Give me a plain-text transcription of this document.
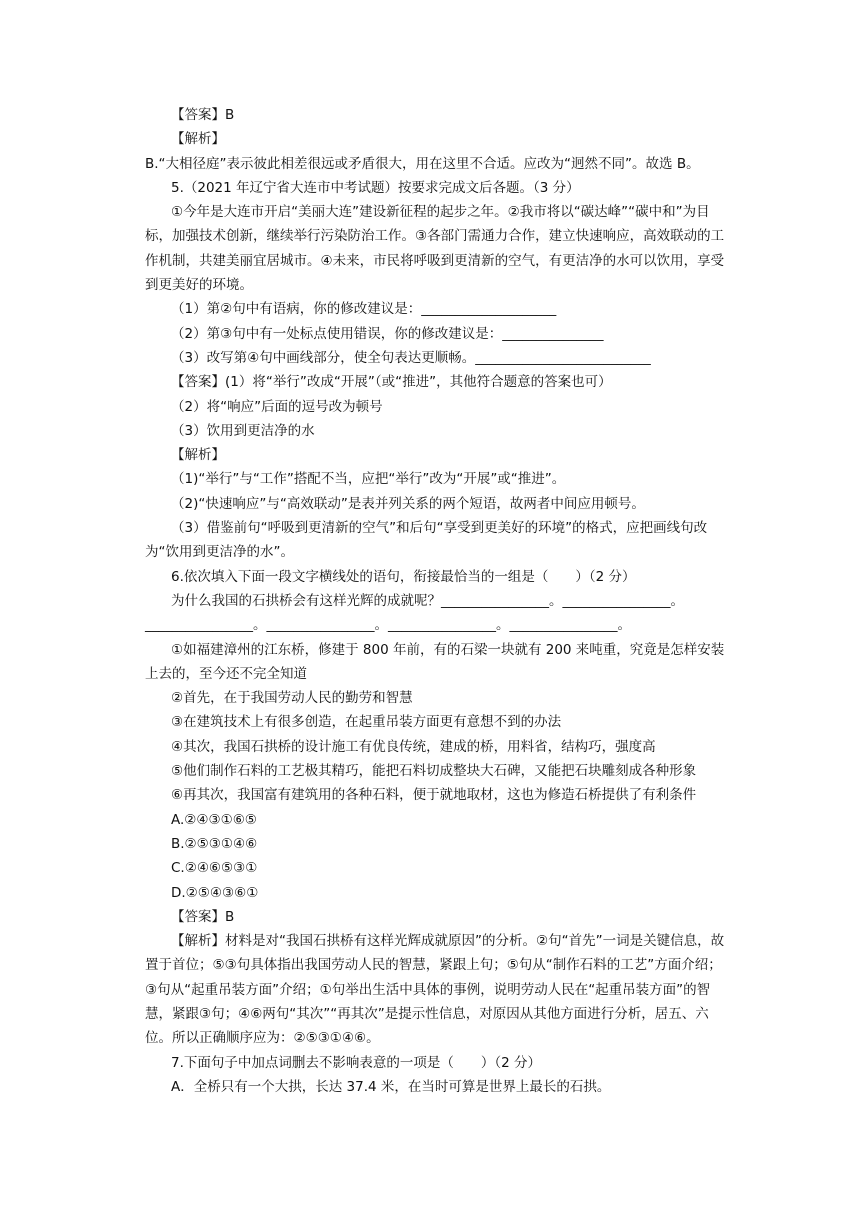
【答案】B

【解析】

B.“大相径庭”表示彼此相差很远或矛盾很大，用在这里不合适。应改为“迥然不同”。故选 B。

5.（2021 年辽宁省大连市中考试题）按要求完成文后各题。（3 分）

①今年是大连市开启“美丽大连”建设新征程的起步之年。②我市将以“碳达峰”“碳中和”为目标，加强技术创新，继续举行污染防治工作。③各部门需通力合作，建立快速响应，高效联动的工作机制，共建美丽宜居城市。④未来，市民将呼吸到更清新的空气，有更洁净的水可以饮用，享受到更美好的环境。

（1）第②句中有语病，你的修改建议是：____________________

（2）第③句中有一处标点使用错误，你的修改建议是：_______________

（3）改写第④句中画线部分，使全句表达更顺畅。__________________________

【答案】(1）将“举行”改成“开展”（或“推进”，其他符合题意的答案也可）

（2）将“响应”后面的逗号改为顿号

（3）饮用到更洁净的水

【解析】

（1)“举行”与“工作”搭配不当，应把“举行”改为“开展”或“推进”。

（2)“快速响应”与“高效联动”是表并列关系的两个短语，故两者中间应用顿号。

（3）借鉴前句“呼吸到更清新的空气”和后句“享受到更美好的环境”的格式，应把画线句改为“饮用到更洁净的水”。

6.依次填入下面一段文字横线处的语句，衔接最恰当的一组是（　　）（2 分）

为什么我国的石拱桥会有这样光辉的成就呢？________________。________________。________________。________________。________________。________________。

①如福建漳州的江东桥，修建于 800 年前，有的石梁一块就有 200 来吨重，究竟是怎样安装上去的，至今还不完全知道

②首先，在于我国劳动人民的勤劳和智慧

③在建筑技术上有很多创造，在起重吊装方面更有意想不到的办法

④其次，我国石拱桥的设计施工有优良传统，建成的桥，用料省，结构巧，强度高

⑤他们制作石料的工艺极其精巧，能把石料切成整块大石碑，又能把石块雕刻成各种形象

⑥再其次，我国富有建筑用的各种石料，便于就地取材，这也为修造石桥提供了有利条件

A.②④③①⑥⑤

B.②⑤③①④⑥

C.②④⑥⑤③①

D.②⑤④③⑥①

【答案】B

【解析】材料是对“我国石拱桥有这样光辉成就原因”的分析。②句“首先”一词是关键信息，故置于首位；⑤③句具体指出我国劳动人民的智慧，紧跟上句；⑤句从“制作石料的工艺”方面介绍；③句从“起重吊装方面”介绍；①句举出生活中具体的事例，说明劳动人民在“起重吊装方面”的智慧，紧跟③句；④⑥两句“其次”“再其次”是提示性信息，对原因从其他方面进行分析，居五、六位。所以正确顺序应为：②⑤③①④⑥。

7.下面句子中加点词删去不影响表意的一项是（　　）（2 分）

A．全桥只有一个大拱，长达 37.4 米，在当时可算是世界上最长的石拱。
